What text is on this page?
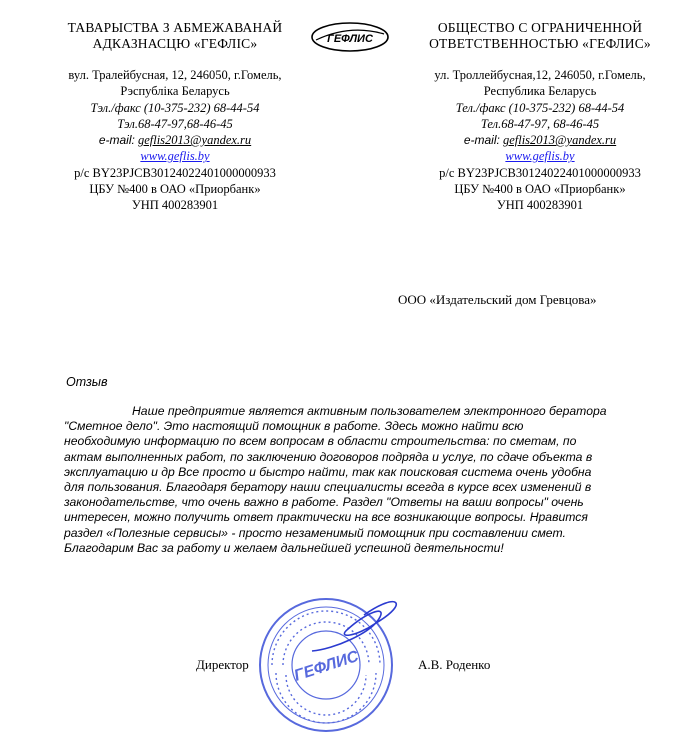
ТАВАРЫСТВА З АБМЕЖАВАНАЙ
АДКАЗНАСЦЮ «ГЕФЛІС»
вул. Тралейбусная, 12, 246050, г.Гомель,
Рэспубліка Беларусь
Тэл./факс (10-375-232) 68-44-54
Тэл.68-47-97,68-46-45
e-mail: geflis2013@yandex.ru
www.geflis.by
р/с BY23PJCB30124022401000000933
ЦБУ №400 в ОАО «Приорбанк»
УНП 400283901
ГЕФЛИС
ОБЩЕСТВО С ОГРАНИЧЕННОЙ
ОТВЕТСТВЕННОСТЬЮ «ГЕФЛИС»
ул. Троллейбусная,12, 246050, г.Гомель,
Республика Беларусь
Тел./факс (10-375-232) 68-44-54
Тел.68-47-97, 68-46-45
e-mail: geflis2013@yandex.ru
www.geflis.by
р/с BY23PJCB30124022401000000933
ЦБУ №400 в ОАО «Приорбанк»
УНП 400283901
ООО «Издательский дом Гревцова»
Отзыв

Наше предприятие является активным пользователем электронного бератора

"Сметное дело". Это настоящий помощник в работе. Здесь можно найти всю

необходимую информацию по всем вопросам в области строительства: по сметам, по

актам выполненных работ, по заключению договоров подряда и услуг, по сдаче объекта в

эксплуатацию и др Все просто и быстро найти, так как поисковая система очень удобна

для пользования. Благодаря бератору наши специалисты всегда в курсе всех изменений в

законодательстве, что очень важно в работе. Раздел "Ответы на ваши вопросы" очень

интересен, можно получить ответ практически на все возникающие вопросы. Нравится

раздел «Полезные сервисы» - просто незаменимый помощник при составлении смет.

Благодарим Вас за работу и желаем дальнейшей успешной деятельности!

ГЕФЛИС
Директор	А.В. Роденко
